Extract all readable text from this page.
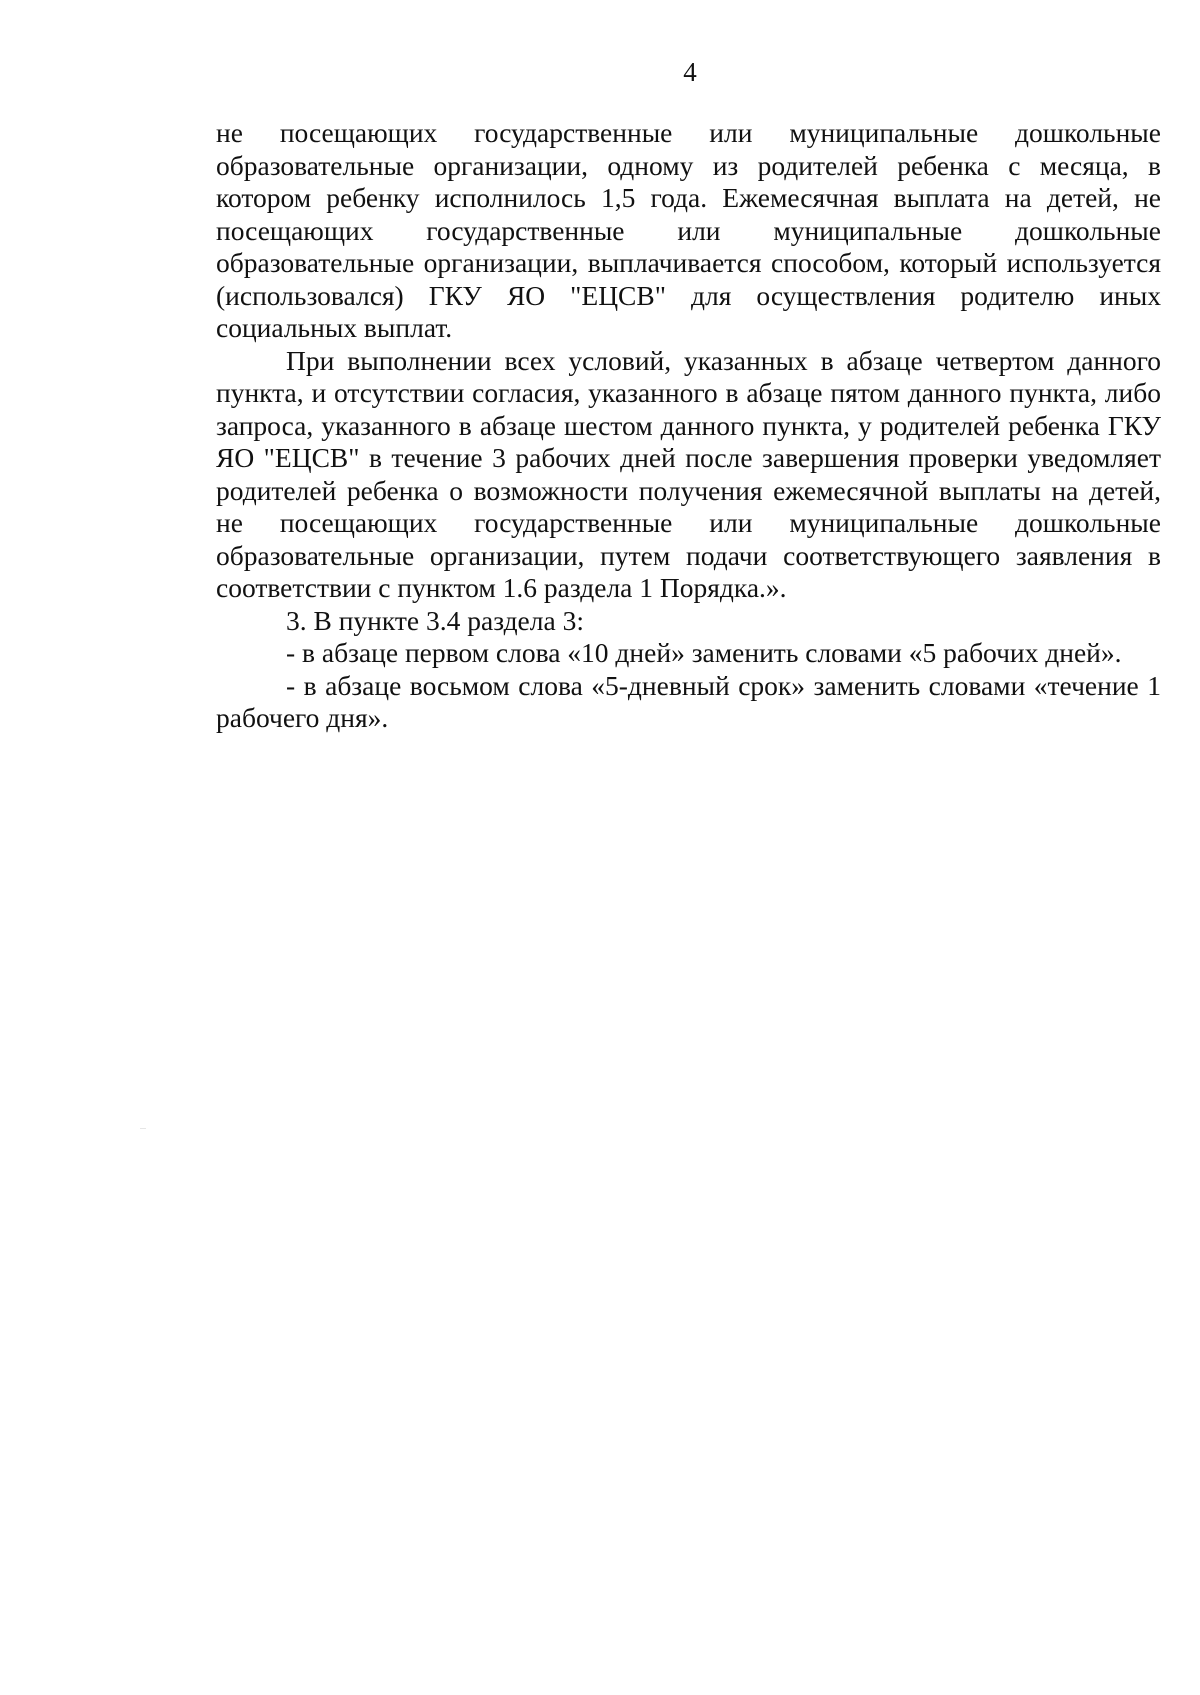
4

не посещающих государственные или муниципальные дошкольные образовательные организации, одному из родителей ребенка с месяца, в котором ребенку исполнилось 1,5 года. Ежемесячная выплата на детей, не посещающих государственные или муниципальные дошкольные образовательные организации, выплачивается способом, который используется (использовался) ГКУ ЯО "ЕЦСВ" для осуществления родителю иных социальных выплат.

При выполнении всех условий, указанных в абзаце четвертом данного пункта, и отсутствии согласия, указанного в абзаце пятом данного пункта, либо запроса, указанного в абзаце шестом данного пункта, у родителей ребенка ГКУ ЯО "ЕЦСВ" в течение 3 рабочих дней после завершения проверки уведомляет родителей ребенка о возможности получения ежемесячной выплаты на детей, не посещающих государственные или муниципальные дошкольные образовательные организации, путем подачи соответствующего заявления в соответствии с пунктом 1.6 раздела 1 Порядка.».

3. В пункте 3.4 раздела 3:

- в абзаце первом слова «10 дней» заменить словами «5 рабочих дней».

- в абзаце восьмом слова «5-дневный срок» заменить словами «течение 1 рабочего дня».
